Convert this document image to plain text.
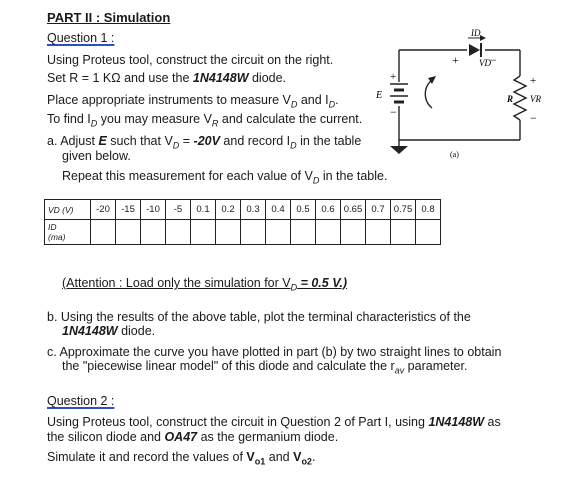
PART II : Simulation
Question 1 :
Using Proteus tool, construct the circuit on the right.
Set R = 1 KΩ and use the 1N4148W diode.
Place appropriate instruments to measure $V_D$ and $I_D$.
To find $I_D$ you may measure $V_R$ and calculate the current.
a. Adjust E such that $V_D = -20V$ and record $I_D$ in the table
given below.
Repeat this measurement for each value of $V_D$ in the table.
ID
VD
+	−
E
+
−
R VR
+
−
(a)
VD (V)	-20	-15	-10	-5	0.1	0.2	0.3	0.4	0.5	0.6	0.65	0.7	0.75	0.8
ID
(ma)														
(Attention : Load only the simulation for $V_D = 0.5$ V.)
b. Using the results of the above table, plot the terminal characteristics of the
1N4148W diode.
c. Approximate the curve you have plotted in part (b) by two straight lines to obtain
the "piecewise linear model" of this diode and calculate the $r_{av}$ parameter.
Question 2 :
Using Proteus tool, construct the circuit in Question 2 of Part I, using 1N4148W as
the silicon diode and OA47 as the germanium diode.
Simulate it and record the values of $V_{o1}$ and $V_{o2}$.
